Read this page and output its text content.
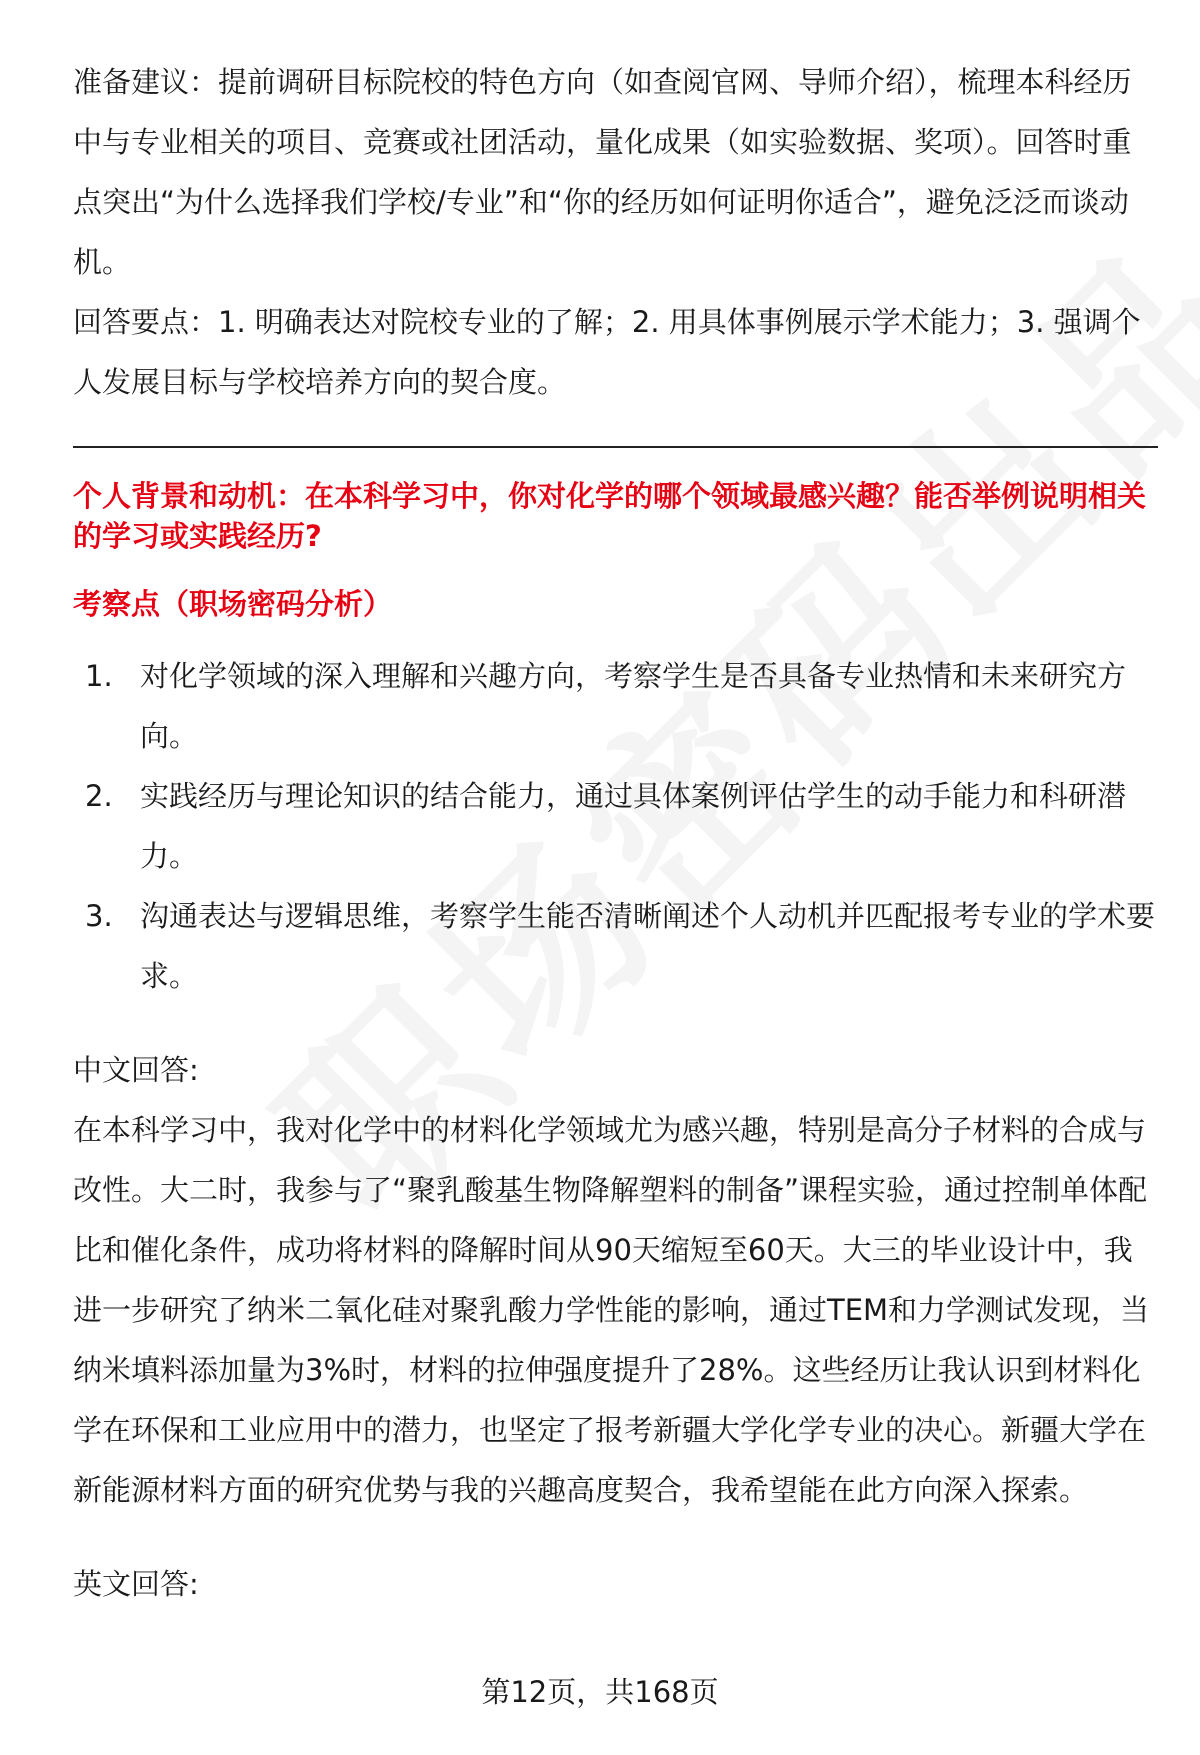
准备建议：提前调研目标院校的特色方向（如查阅官网、导师介绍），梳理本科经历中与专业相关的项目、竞赛或社团活动，量化成果（如实验数据、奖项）。回答时重点突出“为什么选择我们学校/专业”和“你的经历如何证明你适合”，避免泛泛而谈动机。

回答要点：1. 明确表达对院校专业的了解；2. 用具体事例展示学术能力；3. 强调个人发展目标与学校培养方向的契合度。

个人背景和动机：在本科学习中，你对化学的哪个领域最感兴趣？能否举例说明相关的学习或实践经历?
考察点（职场密码分析）
1. 对化学领域的深入理解和兴趣方向，考察学生是否具备专业热情和未来研究方向。
2. 实践经历与理论知识的结合能力，通过具体案例评估学生的动手能力和科研潜力。
3. 沟通表达与逻辑思维，考察学生能否清晰阐述个人动机并匹配报考专业的学术要求。

中文回答:

在本科学习中，我对化学中的材料化学领域尤为感兴趣，特别是高分子材料的合成与改性。大二时，我参与了“聚乳酸基生物降解塑料的制备”课程实验，通过控制单体配比和催化条件，成功将材料的降解时间从90天缩短至60天。大三的毕业设计中，我进一步研究了纳米二氧化硅对聚乳酸力学性能的影响，通过TEM和力学测试发现，当纳米填料添加量为3%时，材料的拉伸强度提升了28%。这些经历让我认识到材料化学在环保和工业应用中的潜力，也坚定了报考新疆大学化学专业的决心。新疆大学在新能源材料方面的研究优势与我的兴趣高度契合，我希望能在此方向深入探索。

英文回答:

第12页，共168页
